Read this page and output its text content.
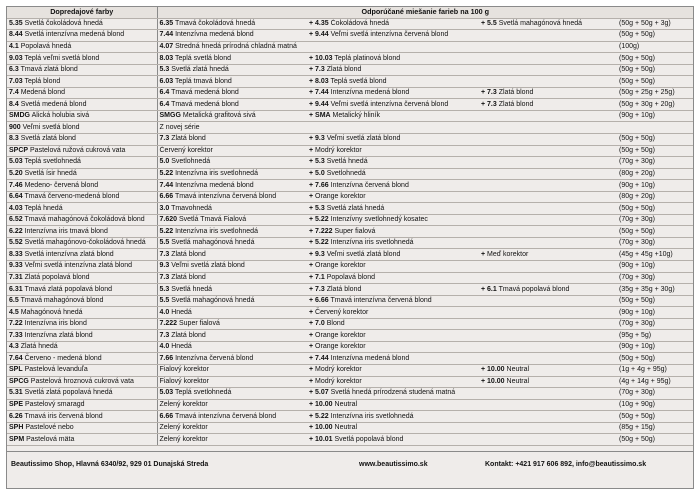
Dopredajové farby	Odporúčané miešanie farieb na 100 g			
5.35 Svetlá čokoládová hnedá	6.35 Tmavá čokoládová hnedá	+ 4.35 Čokoládová hnedá	+ 5.5 Svetlá mahagónová hnedá	(50g + 50g + 3g)
8.44 Svetlá intenzívna medená blond	7.44 Intenzívna medená blond	+ 9.44 Veľmi svetlá intenzívna červená blond		(50g + 50g)
4.1 Popolavá hnedá	4.07 Stredná hnedá prírodná chladná matná			(100g)
9.03 Teplá veľmi svetlá blond	8.03 Teplá svetlá blond	+ 10.03 Teplá platinová blond		(50g + 50g)
6.3 Tmavá zlatá blond	5.3 Svetlá zlatá hnedá	+ 7.3 Zlatá blond		(50g + 50g)
7.03 Teplá blond	6.03 Teplá tmavá blond	+ 8.03 Teplá svetlá blond		(50g + 50g)
7.4 Medená blond	6.4 Tmavá medená blond	+ 7.44 Intenzívna medená blond	+ 7.3 Zlatá blond	(50g + 25g + 25g)
8.4 Svetlá medená blond	6.4 Tmavá medená blond	+ 9.44 Veľmi svetlá intenzívna červená blond	+ 7.3 Zlatá blond	(50g + 30g + 20g)
SMDG Alická holubia sivá	SMGG Metalická grafitová sivá	+ SMA Metalický hliník		(90g + 10g)
900 Veľmi svetlá blond	Z novej série			
8.3 Svetlá zlatá blond	7.3 Zlatá blond	+ 9.3 Veľmi svetlá zlatá blond		(50g + 50g)
SPCP Pastelová ružová cukrová vata	Červený korektor	+ Modrý korektor		(50g + 50g)
5.03 Teplá svetlohnedá	5.0 Svetlohnedá	+ 5.3 Svetlá hnedá		(70g + 30g)
5.20 Svetlá ísir hnedá	5.22 Intenzívna iris svetlohnedá	+ 5.0 Svetlohnedá		(80g + 20g)
7.46 Medeno- červená blond	7.44 Intenzívna medená blond	+ 7.66 Intenzívna červená blond		(90g + 10g)
6.64 Tmavá červeno-medená blond	6.66 Tmavá intenzívna červená blond	+ Orange korektor		(80g + 20g)
4.03 Teplá hnedá	3.0 Tmavohnedá	+ 5.3 Svetlá zlatá hnedá		(50g + 50g)
6.52 Tmavá mahagónová čokoládová blond	7.620 Svetlá Tmavá Fialová	+ 5.22 Intenzívny svetlohnedý kosatec		(70g + 30g)
6.22 Intenzívna iris tmavá blond	5.22 Intenzívna iris svetlohnedá	+ 7.222 Super fialová		(50g + 50g)
5.52 Svetlá mahagónovo-čokoládová hnedá	5.5 Svetlá mahagónová hnedá	+ 5.22 Intenzívna iris svetlohnedá		(70g + 30g)
8.33 Svetlá intenzívna zlatá blond	7.3 Zlatá blond	+ 9.3 Veľmi svetlá zlatá blond	+ Meď korektor	(45g + 45g +10g)
9.33 Veľmi svetlá intenzívna zlatá blond	9.3 Veľmi svetlá zlatá blond	+ Orange korektor		(90g + 10g)
7.31 Zlatá popolavá blond	7.3 Zlatá blond	+ 7.1 Popolavá blond		(70g + 30g)
6.31 Tmavá zlatá popolavá blond	5.3 Svetlá hnedá	+ 7.3 Zlatá blond	+ 6.1 Tmavá popolavá blond	(35g + 35g + 30g)
6.5 Tmavá mahagónová blond	5.5 Svetlá mahagónová hnedá	+ 6.66 Tmavá intenzívna červená blond		(50g + 50g)
4.5 Mahagónová hnedá	4.0 Hnedá	+ Červený korektor		(90g + 10g)
7.22 Intenzívna iris blond	7.222 Super fialová	+ 7.0 Blond		(70g + 30g)
7.33 Intenzívna zlatá blond	7.3 Zlatá blond	+ Orange korektor		(95g + 5g)
4.3 Zlatá hnedá	4.0 Hnedá	+ Orange korektor		(90g + 10g)
7.64 Červeno - medená blond	7.66 Intenzívna červená blond	+ 7.44 Intenzívna medená blond		(50g + 50g)
SPL Pastelová levanduľa	Fialový korektor	+ Modrý korektor	+ 10.00 Neutral	(1g + 4g + 95g)
SPCG Pastelová hroznová cukrová vata	Fialový korektor	+ Modrý korektor	+ 10.00 Neutral	(4g + 14g + 95g)
5.31 Svetlá zlatá popolavá hnedá	5.03 Teplá svetlohnedá	+ 5.07 Svetlá hnedá prírodzená studená matná		(70g + 30g)
SPE Pastelový smaragd	Zelený korektor	+ 10.00 Neutral		(10g + 90g)
6.26 Tmavá iris červená blond	6.66 Tmavá intenzívna červená blond	+ 5.22 Intenzívna iris svetlohnedá		(50g + 50g)
SPH Pastelové nebo	Zelený korektor	+ 10.00 Neutral		(85g + 15g)
SPM Pastelová mäta	Zelený korektor	+ 10.01 Svetlá popolavá blond		(50g + 50g)
Beautissimo Shop, Hlavná 6340/92, 929 01 Dunajská Streda	www.beautissimo.sk	Kontakt: +421 917 606 892, info@beautissimo.sk
